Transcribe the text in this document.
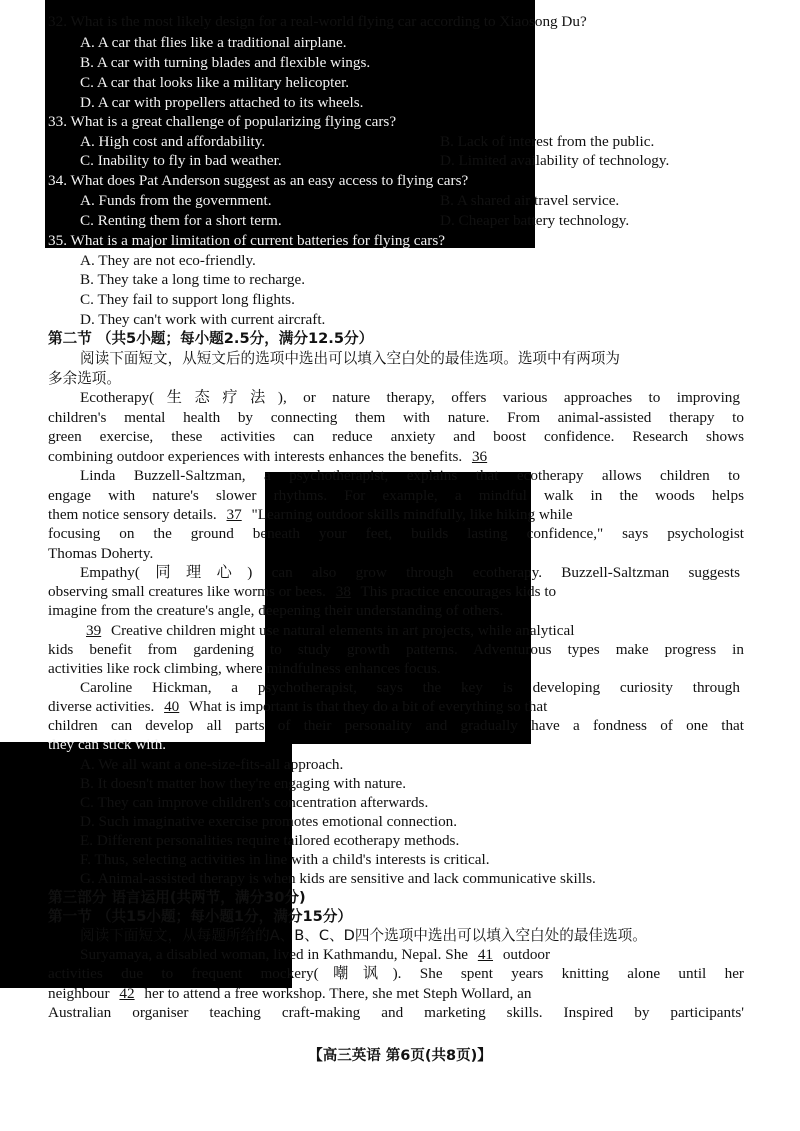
32. What is the most likely design for a real-world flying car according to Xiaosong Du?
A. A car that flies like a traditional airplane.
B. A car with turning blades and flexible wings.
C. A car that looks like a military helicopter.
D. A car with propellers attached to its wheels.
33. What is a great challenge of popularizing flying cars?
A. High cost and affordability.	B. Lack of interest from the public.
C. Inability to fly in bad weather.	D. Limited availability of technology.
34. What does Pat Anderson suggest as an easy access to flying cars?
A. Funds from the government.	B. A shared air travel service.
C. Renting them for a short term.	D. Cheaper battery technology.
35. What is a major limitation of current batteries for flying cars?
A. They are not eco-friendly.
B. They take a long time to recharge.
C. They fail to support long flights.
D. They can't work with current aircraft.
第二节 （共5小题；每小题2.5分，满分12.5分）
阅读下面短文，从短文后的选项中选出可以填入空白处的最佳选项。选项中有两项为
多余选项。
Ecotherapy(生态疗法), or nature therapy, offers various approaches to improving
children's mental health by connecting them with nature. From animal-assisted therapy to
green exercise, these activities can reduce anxiety and boost confidence. Research shows
combining outdoor experiences with interests enhances the benefits. 36
Linda Buzzell-Saltzman, a psychotherapist, explains that ecotherapy allows children to
engage with nature's slower rhythms. For example, a mindful walk in the woods helps
them notice sensory details. 37 "Learning outdoor skills mindfully, like hiking while
focusing on the ground beneath your feet, builds lasting confidence," says psychologist
Thomas Doherty.
Empathy(同理心) can also grow through ecotherapy. Buzzell-Saltzman suggests
observing small creatures like worms or bees. 38 This practice encourages kids to
imagine from the creature's angle, deepening their understanding of others.
39 Creative children might use natural elements in art projects, while analytical
kids benefit from gardening to study growth patterns. Adventurous types make progress in
activities like rock climbing, where mindfulness enhances focus.
Caroline Hickman, a psychotherapist, says the key is developing curiosity through
diverse activities. 40 What is important is that they do a bit of everything so that
children can develop all parts of their personality and gradually have a fondness of one that
they can stick with.
A. We all want a one-size-fits-all approach.
B. It doesn't matter how they're engaging with nature.
C. They can improve children's concentration afterwards.
D. Such imaginative exercise promotes emotional connection.
E. Different personalities require tailored ecotherapy methods.
F. Thus, selecting activities in line with a child's interests is critical.
G. Animal-assisted therapy is when kids are sensitive and lack communicative skills.
第三部分 语言运用(共两节，满分30分)
第一节 （共15小题；每小题1分，满分15分）
阅读下面短文，从每题所给的A、B、C、D四个选项中选出可以填入空白处的最佳选项。
Suryamaya, a disabled woman, lived in Kathmandu, Nepal. She 41 outdoor
activities due to frequent mockery(嘲讽). She spent years knitting alone until her
neighbour 42 her to attend a free workshop. There, she met Steph Wollard, an
Australian organiser teaching craft-making and marketing skills. Inspired by participants'
【高三英语 第6页(共8页)】
